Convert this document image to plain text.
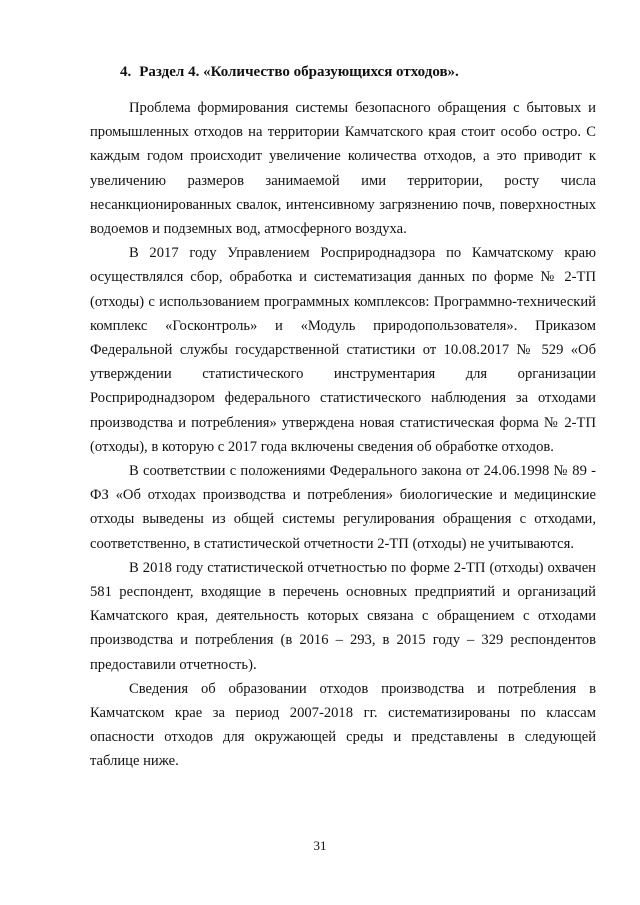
4. Раздел 4. «Количество образующихся отходов».

Проблема формирования системы безопасного обращения с бытовых и промышленных отходов на территории Камчатского края стоит особо остро. С каждым годом происходит увеличение количества отходов, а это приводит к увеличению размеров занимаемой ими территории, росту числа несанкционированных свалок, интенсивному загрязнению почв, поверхностных водоемов и подземных вод, атмосферного воздуха.

В 2017 году Управлением Росприроднадзора по Камчатскому краю осуществлялся сбор, обработка и систематизация данных по форме № 2-ТП (отходы) с использованием программных комплексов: Программно-технический комплекс «Госконтроль» и «Модуль природопользователя». Приказом Федеральной службы государственной статистики от 10.08.2017 № 529 «Об утверждении статистического инструментария для организации Росприроднадзором федерального статистического наблюдения за отходами производства и потребления» утверждена новая статистическая форма № 2-ТП (отходы), в которую с 2017 года включены сведения об обработке отходов.

В соответствии с положениями Федерального закона от 24.06.1998 № 89 - ФЗ «Об отходах производства и потребления» биологические и медицинские отходы выведены из общей системы регулирования обращения с отходами, соответственно, в статистической отчетности 2-ТП (отходы) не учитываются.

В 2018 году статистической отчетностью по форме 2-ТП (отходы) охвачен 581 респондент, входящие в перечень основных предприятий и организаций Камчатского края, деятельность которых связана с обращением с отходами производства и потребления (в 2016 – 293, в 2015 году – 329 респондентов предоставили отчетность).

Сведения об образовании отходов производства и потребления в Камчатском крае за период 2007-2018 гг. систематизированы по классам опасности отходов для окружающей среды и представлены в следующей таблице ниже.

31
